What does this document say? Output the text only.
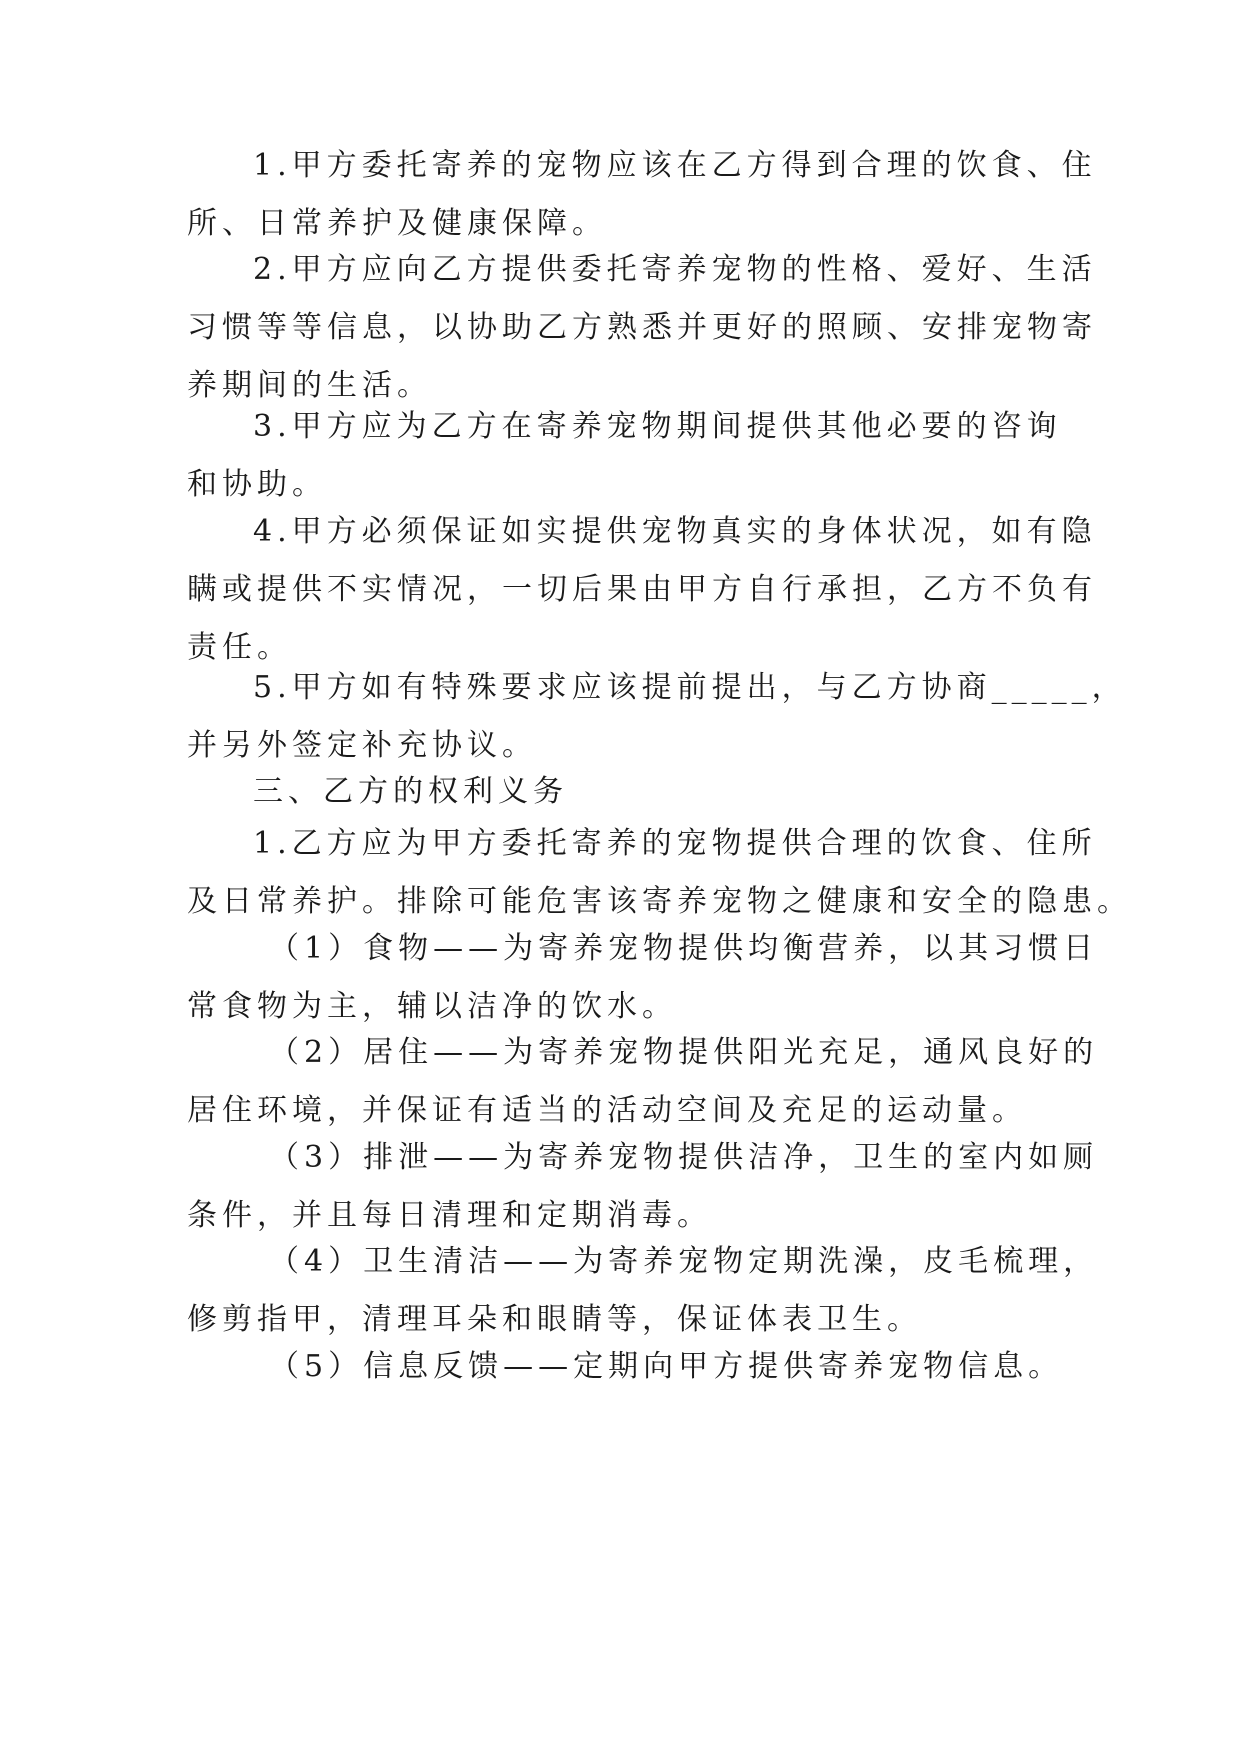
1.甲方委托寄养的宠物应该在乙方得到合理的饮食、住
所、日常养护及健康保障。

2.甲方应向乙方提供委托寄养宠物的性格、爱好、生活
习惯等等信息，以协助乙方熟悉并更好的照顾、安排宠物寄
养期间的生活。

3.甲方应为乙方在寄养宠物期间提供其他必要的咨询
和协助。

4.甲方必须保证如实提供宠物真实的身体状况，如有隐
瞒或提供不实情况，一切后果由甲方自行承担，乙方不负有
责任。

5.甲方如有特殊要求应该提前提出，与乙方协商_____，
并另外签定补充协议。

三、乙方的权利义务

1.乙方应为甲方委托寄养的宠物提供合理的饮食、住所
及日常养护。排除可能危害该寄养宠物之健康和安全的隐患。

（1）食物——为寄养宠物提供均衡营养，以其习惯日
常食物为主，辅以洁净的饮水。

（2）居住——为寄养宠物提供阳光充足，通风良好的
居住环境，并保证有适当的活动空间及充足的运动量。

（3）排泄——为寄养宠物提供洁净，卫生的室内如厕
条件，并且每日清理和定期消毒。

（4）卫生清洁——为寄养宠物定期洗澡，皮毛梳理，
修剪指甲，清理耳朵和眼睛等，保证体表卫生。

（5）信息反馈——定期向甲方提供寄养宠物信息。
